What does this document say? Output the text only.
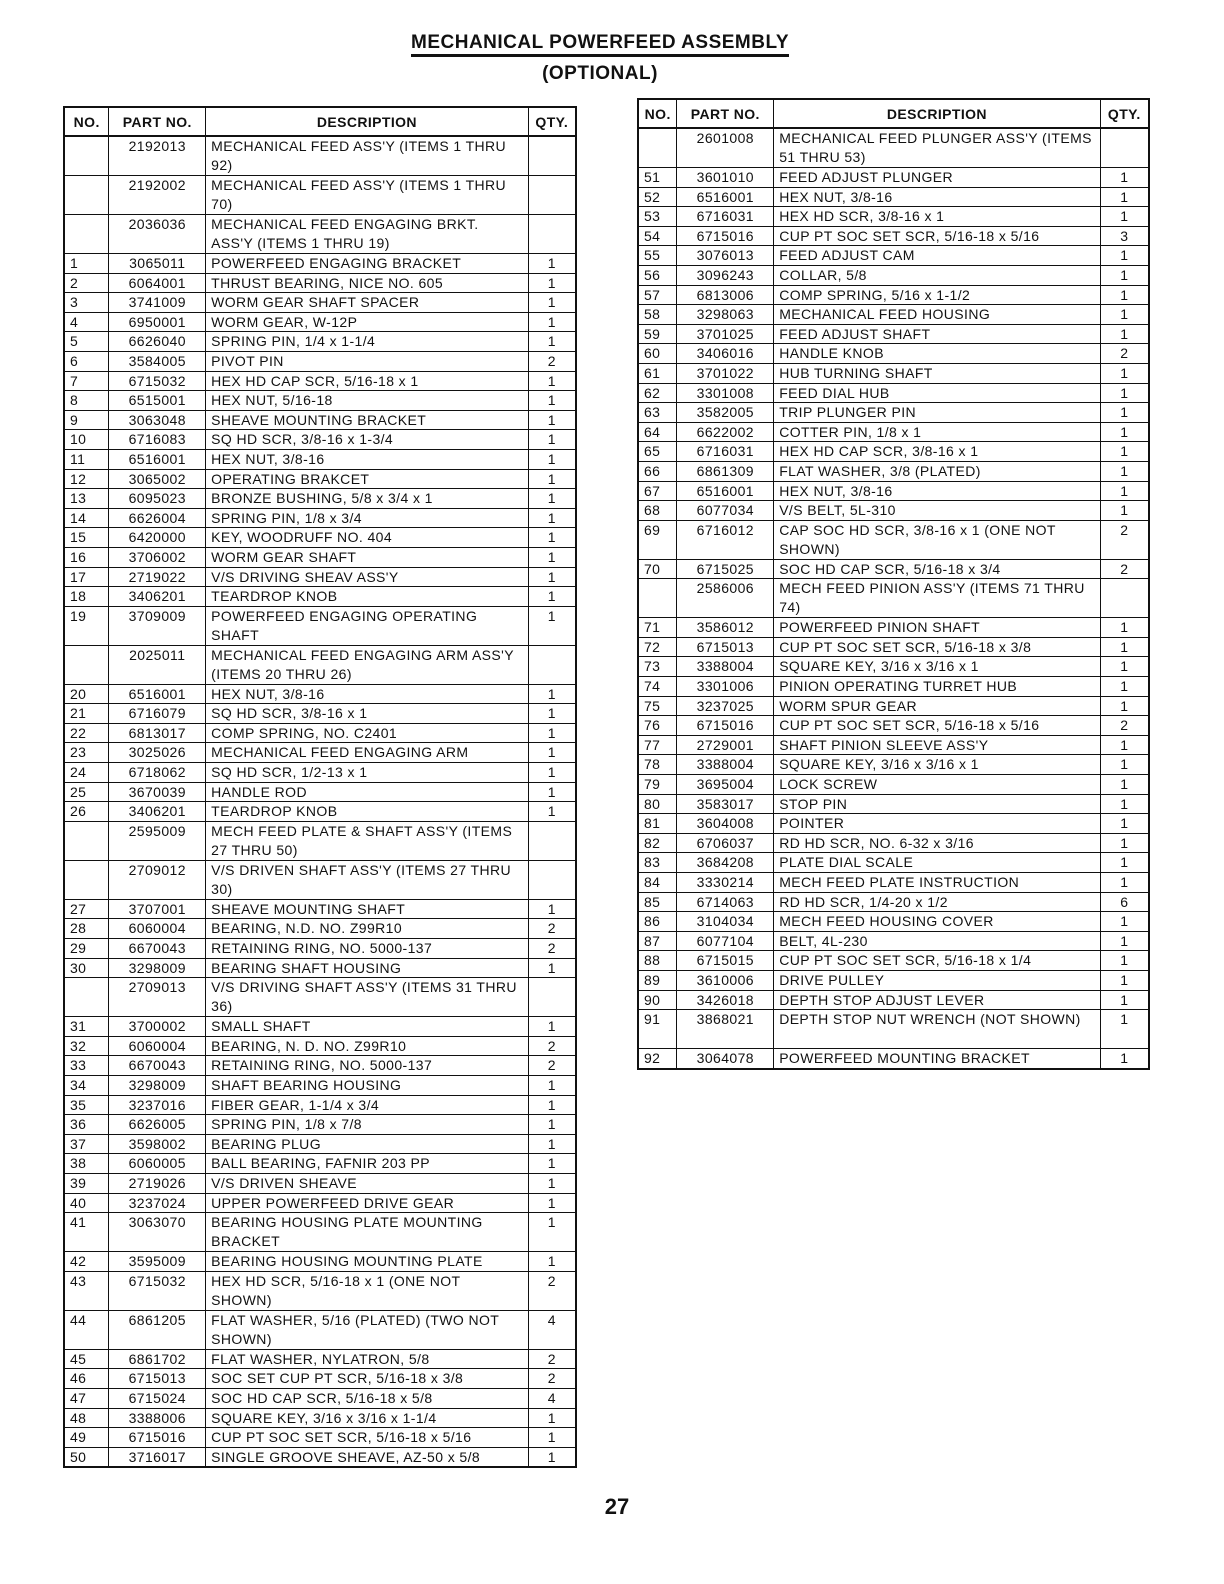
MECHANICAL POWERFEED ASSEMBLY
(OPTIONAL)
NO.	PART NO.	DESCRIPTION	QTY.
	2192013	MECHANICAL FEED ASS'Y (ITEMS 1 THRU 92)	
	2192002	MECHANICAL FEED ASS'Y (ITEMS 1 THRU 70)	
	2036036	MECHANICAL FEED ENGAGING BRKT. ASS'Y (ITEMS 1 THRU 19)	
1	3065011	POWERFEED ENGAGING BRACKET	1
2	6064001	THRUST BEARING, NICE NO. 605	1
3	3741009	WORM GEAR SHAFT SPACER	1
4	6950001	WORM GEAR, W-12P	1
5	6626040	SPRING PIN, 1/4 x 1-1/4	1
6	3584005	PIVOT PIN	2
7	6715032	HEX HD CAP SCR, 5/16-18 x 1	1
8	6515001	HEX NUT, 5/16-18	1
9	3063048	SHEAVE MOUNTING BRACKET	1
10	6716083	SQ HD SCR, 3/8-16 x 1-3/4	1
11	6516001	HEX NUT, 3/8-16	1
12	3065002	OPERATING BRAKCET	1
13	6095023	BRONZE BUSHING, 5/8 x 3/4 x 1	1
14	6626004	SPRING PIN, 1/8 x 3/4	1
15	6420000	KEY, WOODRUFF NO. 404	1
16	3706002	WORM GEAR SHAFT	1
17	2719022	V/S DRIVING SHEAV ASS'Y	1
18	3406201	TEARDROP KNOB	1
19	3709009	POWERFEED ENGAGING OPERATING SHAFT	1
	2025011	MECHANICAL FEED ENGAGING ARM ASS'Y (ITEMS 20 THRU 26)	
20	6516001	HEX NUT, 3/8-16	1
21	6716079	SQ HD SCR, 3/8-16 x 1	1
22	6813017	COMP SPRING, NO. C2401	1
23	3025026	MECHANICAL FEED ENGAGING ARM	1
24	6718062	SQ HD SCR, 1/2-13 x 1	1
25	3670039	HANDLE ROD	1
26	3406201	TEARDROP KNOB	1
	2595009	MECH FEED PLATE & SHAFT ASS'Y (ITEMS 27 THRU 50)	
	2709012	V/S DRIVEN SHAFT ASS'Y (ITEMS 27 THRU 30)	
27	3707001	SHEAVE MOUNTING SHAFT	1
28	6060004	BEARING, N.D. NO. Z99R10	2
29	6670043	RETAINING RING, NO. 5000-137	2
30	3298009	BEARING SHAFT HOUSING	1
	2709013	V/S DRIVING SHAFT ASS'Y (ITEMS 31 THRU 36)	
31	3700002	SMALL SHAFT	1
32	6060004	BEARING, N. D. NO. Z99R10	2
33	6670043	RETAINING RING, NO. 5000-137	2
34	3298009	SHAFT BEARING HOUSING	1
35	3237016	FIBER GEAR, 1-1/4 x 3/4	1
36	6626005	SPRING PIN, 1/8 x 7/8	1
37	3598002	BEARING PLUG	1
38	6060005	BALL BEARING, FAFNIR 203 PP	1
39	2719026	V/S DRIVEN SHEAVE	1
40	3237024	UPPER POWERFEED DRIVE GEAR	1
41	3063070	BEARING HOUSING PLATE MOUNTING BRACKET	1
42	3595009	BEARING HOUSING MOUNTING PLATE	1
43	6715032	HEX HD SCR, 5/16-18 x 1 (ONE NOT SHOWN)	2
44	6861205	FLAT WASHER, 5/16 (PLATED) (TWO NOT SHOWN)	4
45	6861702	FLAT WASHER, NYLATRON, 5/8	2
46	6715013	SOC SET CUP PT SCR, 5/16-18 x 3/8	2
47	6715024	SOC HD CAP SCR, 5/16-18 x 5/8	4
48	3388006	SQUARE KEY, 3/16 x 3/16 x 1-1/4	1
49	6715016	CUP PT SOC SET SCR, 5/16-18 x 5/16	1
50	3716017	SINGLE GROOVE SHEAVE, AZ-50 x 5/8	1
NO.	PART NO.	DESCRIPTION	QTY.
	2601008	MECHANICAL FEED PLUNGER ASS'Y (ITEMS 51 THRU 53)	
51	3601010	FEED ADJUST PLUNGER	1
52	6516001	HEX NUT, 3/8-16	1
53	6716031	HEX HD SCR, 3/8-16 x 1	1
54	6715016	CUP PT SOC SET SCR, 5/16-18 x 5/16	3
55	3076013	FEED ADJUST CAM	1
56	3096243	COLLAR, 5/8	1
57	6813006	COMP SPRING, 5/16 x 1-1/2	1
58	3298063	MECHANICAL FEED HOUSING	1
59	3701025	FEED ADJUST SHAFT	1
60	3406016	HANDLE KNOB	2
61	3701022	HUB TURNING SHAFT	1
62	3301008	FEED DIAL HUB	1
63	3582005	TRIP PLUNGER PIN	1
64	6622002	COTTER PIN, 1/8 x 1	1
65	6716031	HEX HD CAP SCR, 3/8-16 x 1	1
66	6861309	FLAT WASHER, 3/8 (PLATED)	1
67	6516001	HEX NUT, 3/8-16	1
68	6077034	V/S BELT, 5L-310	1
69	6716012	CAP SOC HD SCR, 3/8-16 x 1 (ONE NOT SHOWN)	2
70	6715025	SOC HD CAP SCR, 5/16-18 x 3/4	2
	2586006	MECH FEED PINION ASS'Y (ITEMS 71 THRU 74)	
71	3586012	POWERFEED PINION SHAFT	1
72	6715013	CUP PT SOC SET SCR, 5/16-18 x 3/8	1
73	3388004	SQUARE KEY, 3/16 x 3/16 x 1	1
74	3301006	PINION OPERATING TURRET HUB	1
75	3237025	WORM SPUR GEAR	1
76	6715016	CUP PT SOC SET SCR, 5/16-18 x 5/16	2
77	2729001	SHAFT PINION SLEEVE ASS'Y	1
78	3388004	SQUARE KEY, 3/16 x 3/16 x 1	1
79	3695004	LOCK SCREW	1
80	3583017	STOP PIN	1
81	3604008	POINTER	1
82	6706037	RD HD SCR, NO. 6-32 x 3/16	1
83	3684208	PLATE DIAL SCALE	1
84	3330214	MECH FEED PLATE INSTRUCTION	1
85	6714063	RD HD SCR, 1/4-20 x 1/2	6
86	3104034	MECH FEED HOUSING COVER	1
87	6077104	BELT, 4L-230	1
88	6715015	CUP PT SOC SET SCR, 5/16-18 x 1/4	1
89	3610006	DRIVE PULLEY	1
90	3426018	DEPTH STOP ADJUST LEVER	1
91	3868021	DEPTH STOP NUT WRENCH (NOT SHOWN)	1
92	3064078	POWERFEED MOUNTING BRACKET	1
27
